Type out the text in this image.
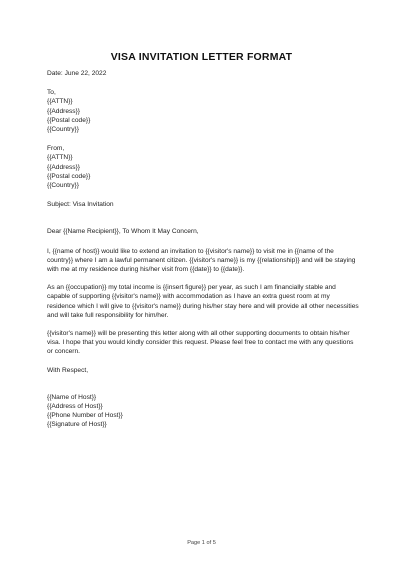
VISA INVITATION LETTER FORMAT
Date: June 22, 2022
To,
{{ATTN}}
{{Address}}
{{Postal code}}
{{Country}}
From,
{{ATTN}}
{{Address}}
{{Postal code}}
{{Country}}
Subject: Visa Invitation
Dear {{Name Recipient}}, To Whom It May Concern,
I, {{name of host}} would like to extend an invitation to {{visitor's name}} to visit me in {{name of the country}} where I am a lawful permanent citizen. {{visitor's name}} is my {{relationship}} and will be staying with me at my residence during his/her visit from {{date}} to {{date}}.
As an {{occupation}} my total income is {{insert figure}} per year, as such I am financially stable and capable of supporting {{visitor's name}} with accommodation as I have an extra guest room at my residence which I will give to {{visitor's name}} during his/her stay here and will provide all other necessities and will take full responsibility for him/her.
{{visitor's name}} will be presenting this letter along with all other supporting documents to obtain his/her visa. I hope that you would kindly consider this request. Please feel free to contact me with any questions or concern.
With Respect,
{{Name of Host}}
{{Address of Host}}
{{Phone Number of Host}}
{{Signature of Host}}
Page 1 of 5
